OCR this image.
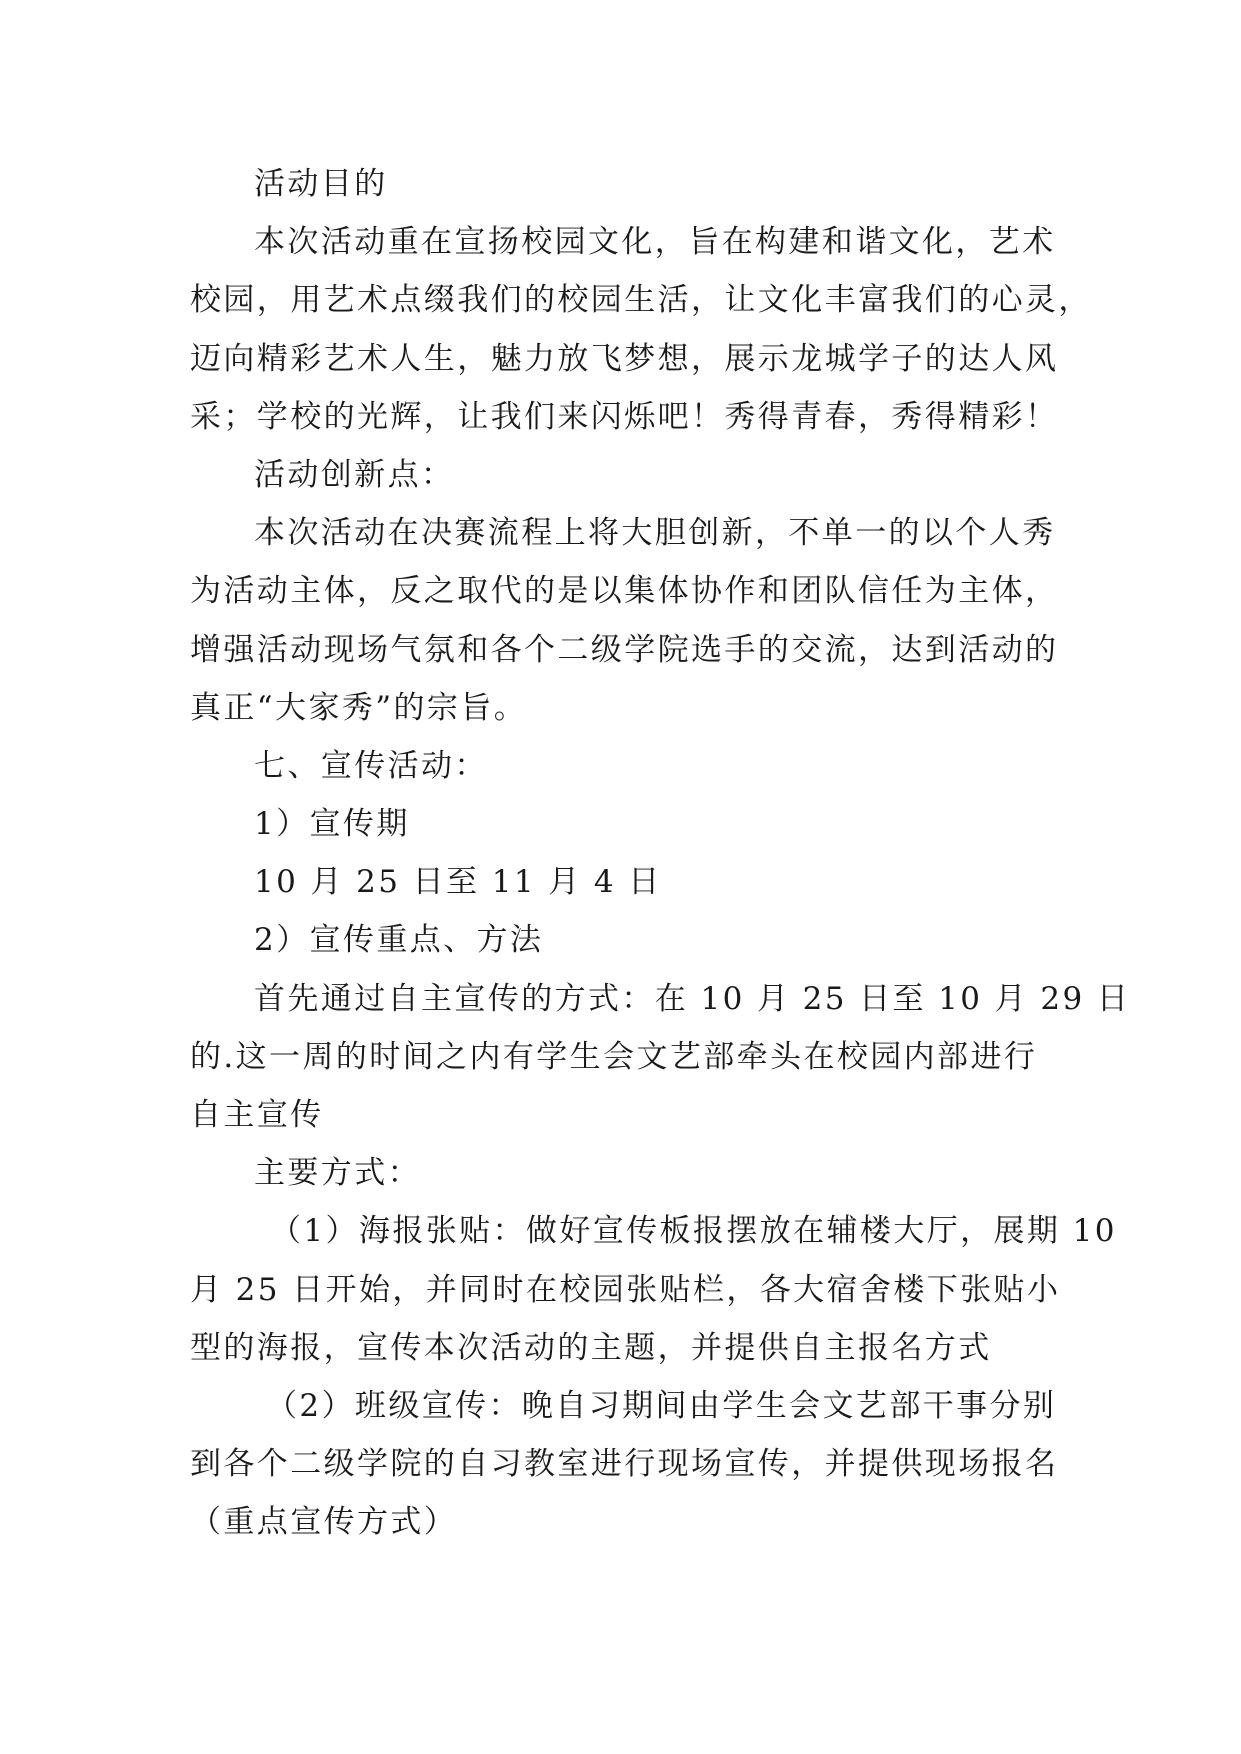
活动目的
本次活动重在宣扬校园文化，旨在构建和谐文化，艺术
校园，用艺术点缀我们的校园生活，让文化丰富我们的心灵，
迈向精彩艺术人生，魅力放飞梦想，展示龙城学子的达人风
采；学校的光辉，让我们来闪烁吧！秀得青春，秀得精彩！
活动创新点：
本次活动在决赛流程上将大胆创新，不单一的以个人秀
为活动主体，反之取代的是以集体协作和团队信任为主体，
增强活动现场气氛和各个二级学院选手的交流，达到活动的
真正“大家秀”的宗旨。
七、宣传活动：
1）宣传期
10 月 25 日至 11 月 4 日
2）宣传重点、方法
首先通过自主宣传的方式：在 10 月 25 日至 10 月 29 日
的.这一周的时间之内有学生会文艺部牵头在校园内部进行
自主宣传
主要方式：
（1）海报张贴：做好宣传板报摆放在辅楼大厅，展期 10
月 25 日开始，并同时在校园张贴栏，各大宿舍楼下张贴小
型的海报，宣传本次活动的主题，并提供自主报名方式
（2）班级宣传：晚自习期间由学生会文艺部干事分别
到各个二级学院的自习教室进行现场宣传，并提供现场报名
（重点宣传方式）
